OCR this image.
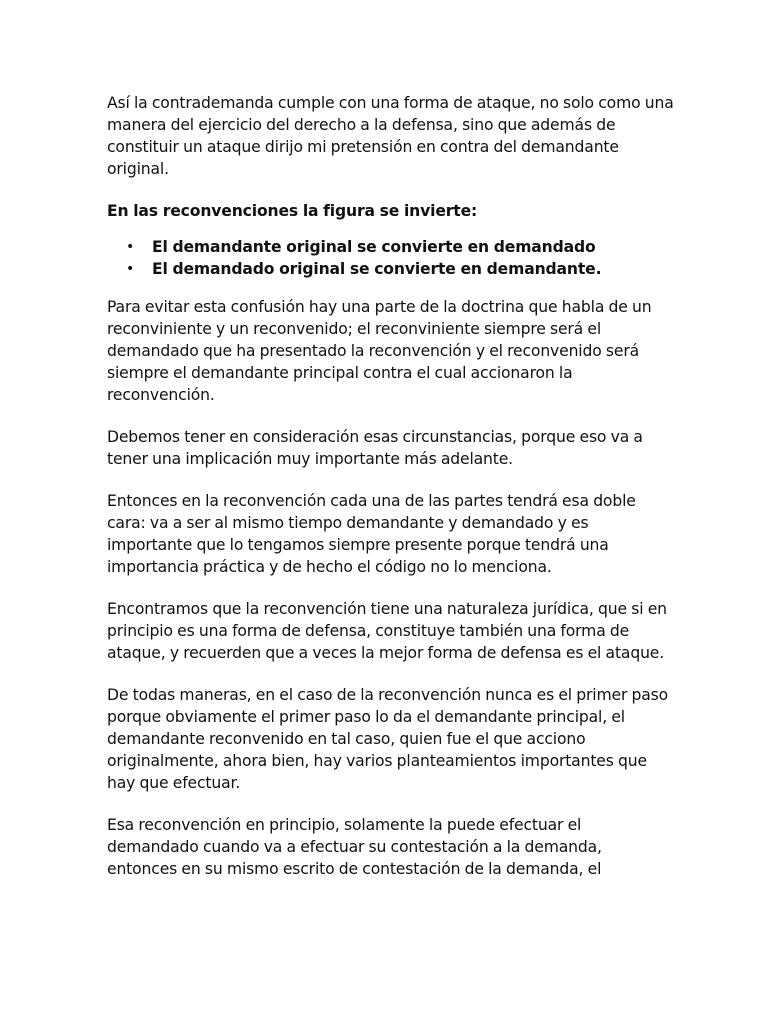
Así la contrademanda cumple con una forma de ataque, no solo como una manera del ejercicio del derecho a la defensa, sino que además de constituir un ataque dirijo mi pretensión en contra del demandante original.

En las reconvenciones la figura se invierte:

• El demandante original se convierte en demandado
• El demandado original se convierte en demandante.

Para evitar esta confusión hay una parte de la doctrina que habla de un reconviniente y un reconvenido; el reconviniente siempre será el demandado que ha presentado la reconvención y el reconvenido será siempre el demandante principal contra el cual accionaron la reconvención.

Debemos tener en consideración esas circunstancias, porque eso va a tener una implicación muy importante más adelante.

Entonces en la reconvención cada una de las partes tendrá esa doble cara: va a ser al mismo tiempo demandante y demandado y es importante que lo tengamos siempre presente porque tendrá una importancia práctica y de hecho el código no lo menciona.

Encontramos que la reconvención tiene una naturaleza jurídica, que si en principio es una forma de defensa, constituye también una forma de ataque, y recuerden que a veces la mejor forma de defensa es el ataque.

De todas maneras, en el caso de la reconvención nunca es el primer paso porque obviamente el primer paso lo da el demandante principal, el demandante reconvenido en tal caso, quien fue el que acciono originalmente, ahora bien, hay varios planteamientos importantes que hay que efectuar.

Esa reconvención en principio, solamente la puede efectuar el demandado cuando va a efectuar su contestación a la demanda, entonces en su mismo escrito de contestación de la demanda, el
